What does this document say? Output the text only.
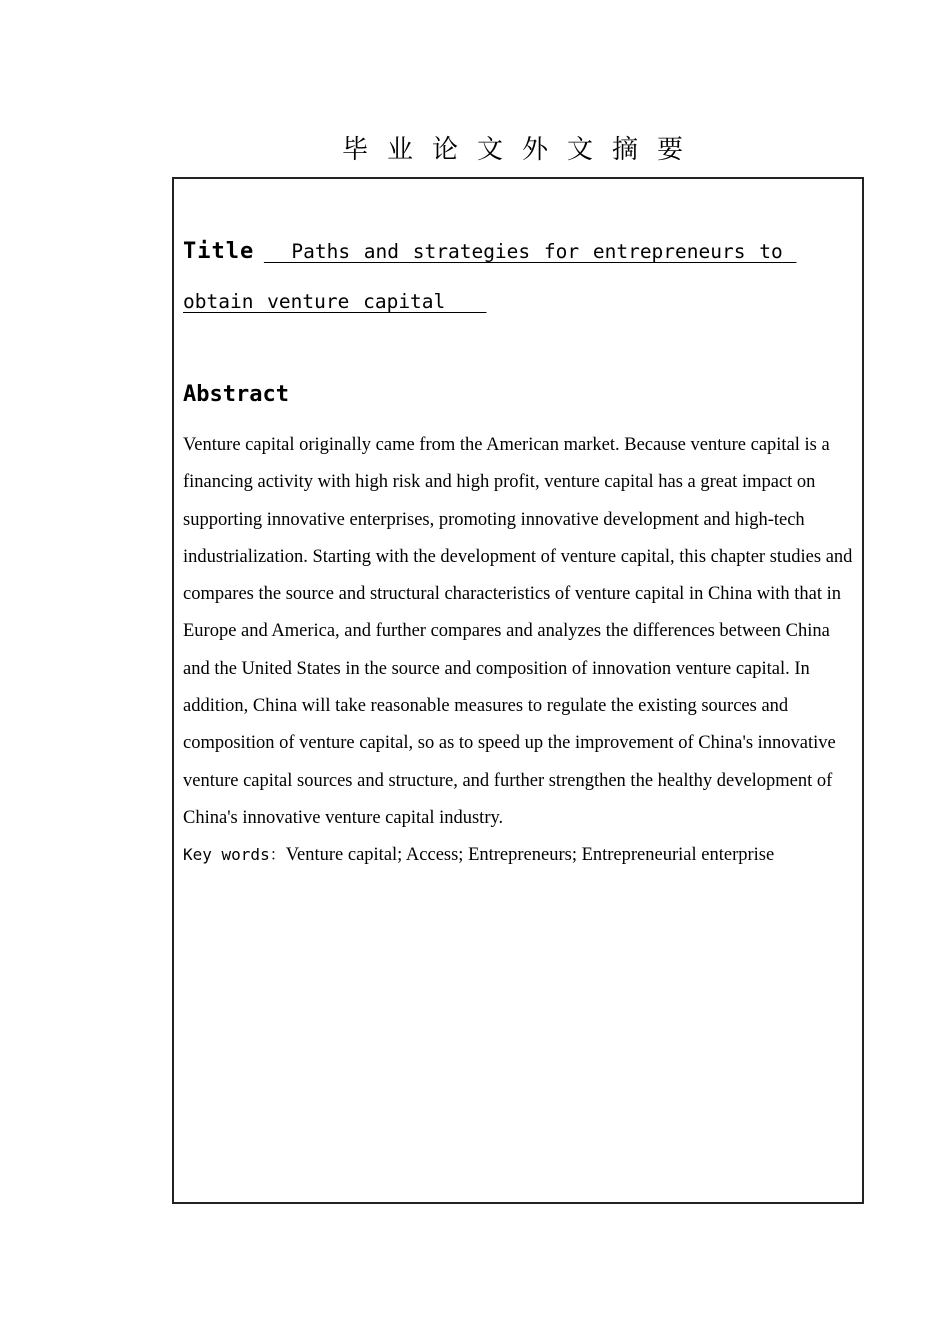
毕业论文外文摘要
Title   Paths and strategies for entrepreneurs to obtain venture capital
Abstract

Venture capital originally came from the American market. Because venture capital is a financing activity with high risk and high profit, venture capital has a great impact on supporting innovative enterprises, promoting innovative development and high-tech industrialization. Starting with the development of venture capital, this chapter studies and compares the source and structural characteristics of venture capital in China with that in Europe and America, and further compares and analyzes the differences between China and the United States in the source and composition of innovation venture capital. In addition, China will take reasonable measures to regulate the existing sources and composition of venture capital, so as to speed up the improvement of China's innovative venture capital sources and structure, and further strengthen the healthy development of China's innovative venture capital industry.

Key words：Venture capital; Access; Entrepreneurs; Entrepreneurial enterprise
